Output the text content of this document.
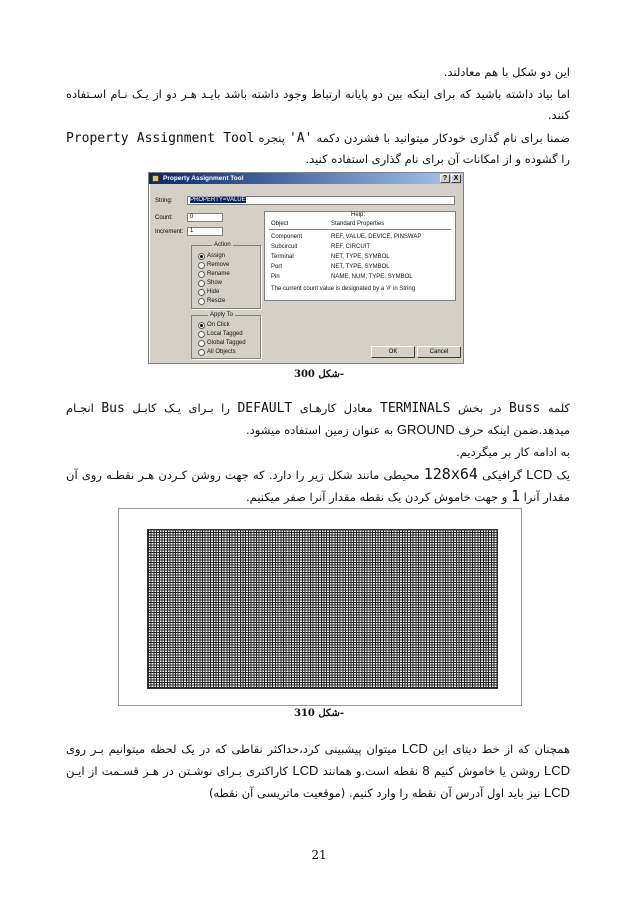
این دو شکل با هم معادلند.
اما بیاد داشته باشید که برای اینکه بین دو پایانه ارتباط وجود داشته باشد بایـد هـر دو از یـک نـام اسـتفاده کنند.
ضمنا برای نام گذاری خودکار میتوانید با فشردن دکمه 'A' پنجره Property Assignment Tool را گشوده و از امکانات آن برای نام گذاری استفاده کنید.
Property Assignment Tool	? X
String:	PROPERTY=VALUE
Count:	0
Increment:	1
Action
Assign
Remove
Rename
Show
Hide
Resize
Apply To
On Click
Local Tagged
Global Tagged
All Objects
Help:
Object	Standard Properties
Component	REF, VALUE, DEVICE, PINSWAP
Subcircuit	REF, CIRCUIT
Terminal	NET, TYPE, SYMBOL
Port	NET, TYPE, SYMBOL
Pin	NAME, NUM, TYPE, SYMBOL
The current count value is designated by a '#' in String
OK	Cancel
شکل 300-
کلمه Buss در بخش TERMINALS معادل کارهـای DEFAULT را بـرای یـک کابـل Bus انجـام میدهد.ضمن اینکه حرف GROUND به عنوان زمین استفاده میشود.
به ادامه کار بر میگردیم.
یک LCD گرافیکی 128x64 محیطی مانند شکل زیر را دارد. که جهت روشن کـردن هـر نقطـه روی آن مقدار آنرا 1 و جهت خاموش کردن یک نقطه مقدار آنرا صفر میکنیم.
شکل 310-
همچنان که از خط دیتای این LCD میتوان پیشبینی کرد،حداکثر نقاطی که در یک لحظه میتوانیم بـر روی LCD روشن یا خاموش کنیم 8 نقطه است.و همانند LCD کاراکتری بـرای نوشـتن در هـر قسـمت از ایـن LCD نیز باید اول آدرس آن نقطه را وارد کنیم. (موقعیت ماتریسی آن نقطه)
21
